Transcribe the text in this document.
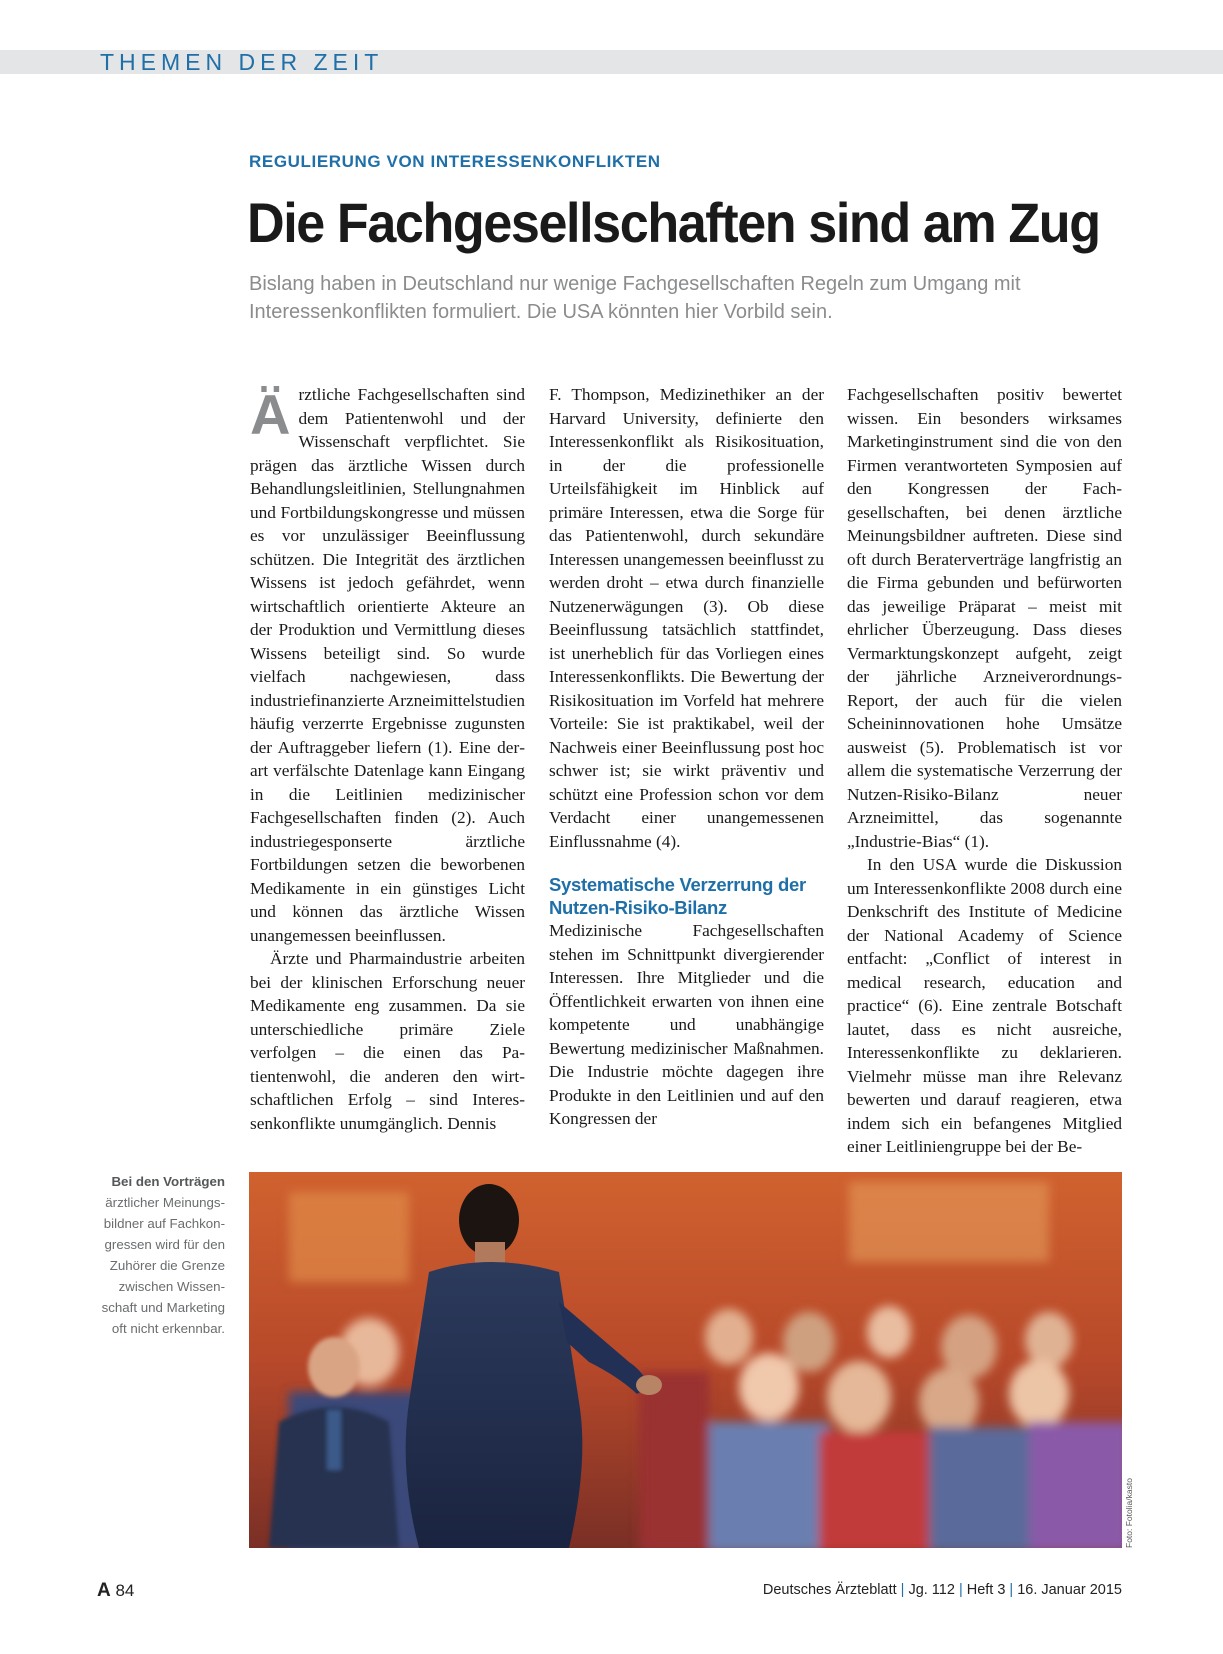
THEMEN DER ZEIT
REGULIERUNG VON INTERESSENKONFLIKTEN
Die Fachgesellschaften sind am Zug
Bislang haben in Deutschland nur wenige Fachgesellschaften Regeln zum Umgang mit Interessenkonflikten formuliert. Die USA könnten hier Vorbild sein.

Ärztliche Fachgesellschaften sind dem Patientenwohl und der Wissenschaft verpflichtet. Sie prägen das ärztliche Wissen durch Behandlungsleitlinien, Stellungnahmen und Fortbildungskongresse und müssen es vor unzulässiger Beeinflussung schützen. Die Integrität des ärztlichen Wissens ist jedoch gefährdet, wenn wirtschaftlich orientierte Akteure an der Produktion und Vermittlung dieses Wissens beteiligt sind. So wurde vielfach nachgewiesen, dass industriefinanzierte Arzneimittelstudien häufig verzerrte Ergebnisse zugunsten der Auftraggeber liefern (1). Eine derart verfälschte Datenlage kann Eingang in die Leitlinien medizinischer Fachgesellschaften finden (2). Auch industriegesponserte ärztliche Fortbildungen setzen die beworbenen Medikamente in ein günstiges Licht und können das ärztliche Wissen unangemessen beeinflussen.

Ärzte und Pharmaindustrie arbeiten bei der klinischen Erforschung neuer Medikamente eng zusammen. Da sie unterschiedliche primäre Ziele verfolgen – die einen das Patientenwohl, die anderen den wirtschaftlichen Erfolg – sind Interessenkonflikte unumgänglich. Dennis

F. Thompson, Medizinethiker an der Harvard University, definierte den Interessenkonflikt als Risikosituation, in der die professionelle Urteilsfähigkeit im Hinblick auf primäre Interessen, etwa die Sorge für das Patientenwohl, durch sekundäre Interessen unangemessen beeinflusst zu werden droht – etwa durch finanzielle Nutzenerwägungen (3). Ob diese Beeinflussung tatsächlich stattfindet, ist unerheblich für das Vorliegen eines Interessenkonflikts. Die Bewertung der Risikosituation im Vorfeld hat mehrere Vorteile: Sie ist praktikabel, weil der Nachweis einer Beeinflussung post hoc schwer ist; sie wirkt präventiv und schützt eine Profession schon vor dem Verdacht einer unangemessenen Einflussnahme (4).

Systematische Verzerrung der Nutzen-Risiko-Bilanz

Medizinische Fachgesellschaften stehen im Schnittpunkt divergierender Interessen. Ihre Mitglieder und die Öffentlichkeit erwarten von ihnen eine kompetente und unabhängige Bewertung medizinischer Maßnahmen. Die Industrie möchte dagegen ihre Produkte in den Leitlinien und auf den Kongressen der

Fachgesellschaften positiv bewertet wissen. Ein besonders wirksames Marketinginstrument sind die von den Firmen verantworteten Symposien auf den Kongressen der Fachgesellschaften, bei denen ärztliche Meinungsbildner auftreten. Diese sind oft durch Beraterverträge langfristig an die Firma gebunden und befürworten das jeweilige Präparat – meist mit ehrlicher Überzeugung. Dass dieses Vermarktungskonzept aufgeht, zeigt der jährliche Arzneiverordnungs-Report, der auch für die vielen Scheininnovationen hohe Umsätze ausweist (5). Problematisch ist vor allem die systematische Verzerrung der Nutzen-Risiko-Bilanz neuer Arzneimittel, das sogenannte „Industrie-Bias“ (1).

In den USA wurde die Diskussion um Interessenkonflikte 2008 durch eine Denkschrift des Institute of Medicine der National Academy of Science entfacht: „Conflict of interest in medical research, education and practice“ (6). Eine zentrale Botschaft lautet, dass es nicht ausreiche, Interessenkonflikte zu deklarieren. Vielmehr müsse man ihre Relevanz bewerten und darauf reagieren, etwa indem sich ein befangenes Mitglied einer Leitliniengruppe bei der Be-

Bei den Vorträgen ärztlicher Meinungsbildner auf Fachkongressen wird für den Zuhörer die Grenze zwischen Wissenschaft und Marketing oft nicht erkennbar.
Foto: Fotolia/kasto
A 84	Deutsches Ärzteblatt | Jg. 112 | Heft 3 | 16. Januar 2015
